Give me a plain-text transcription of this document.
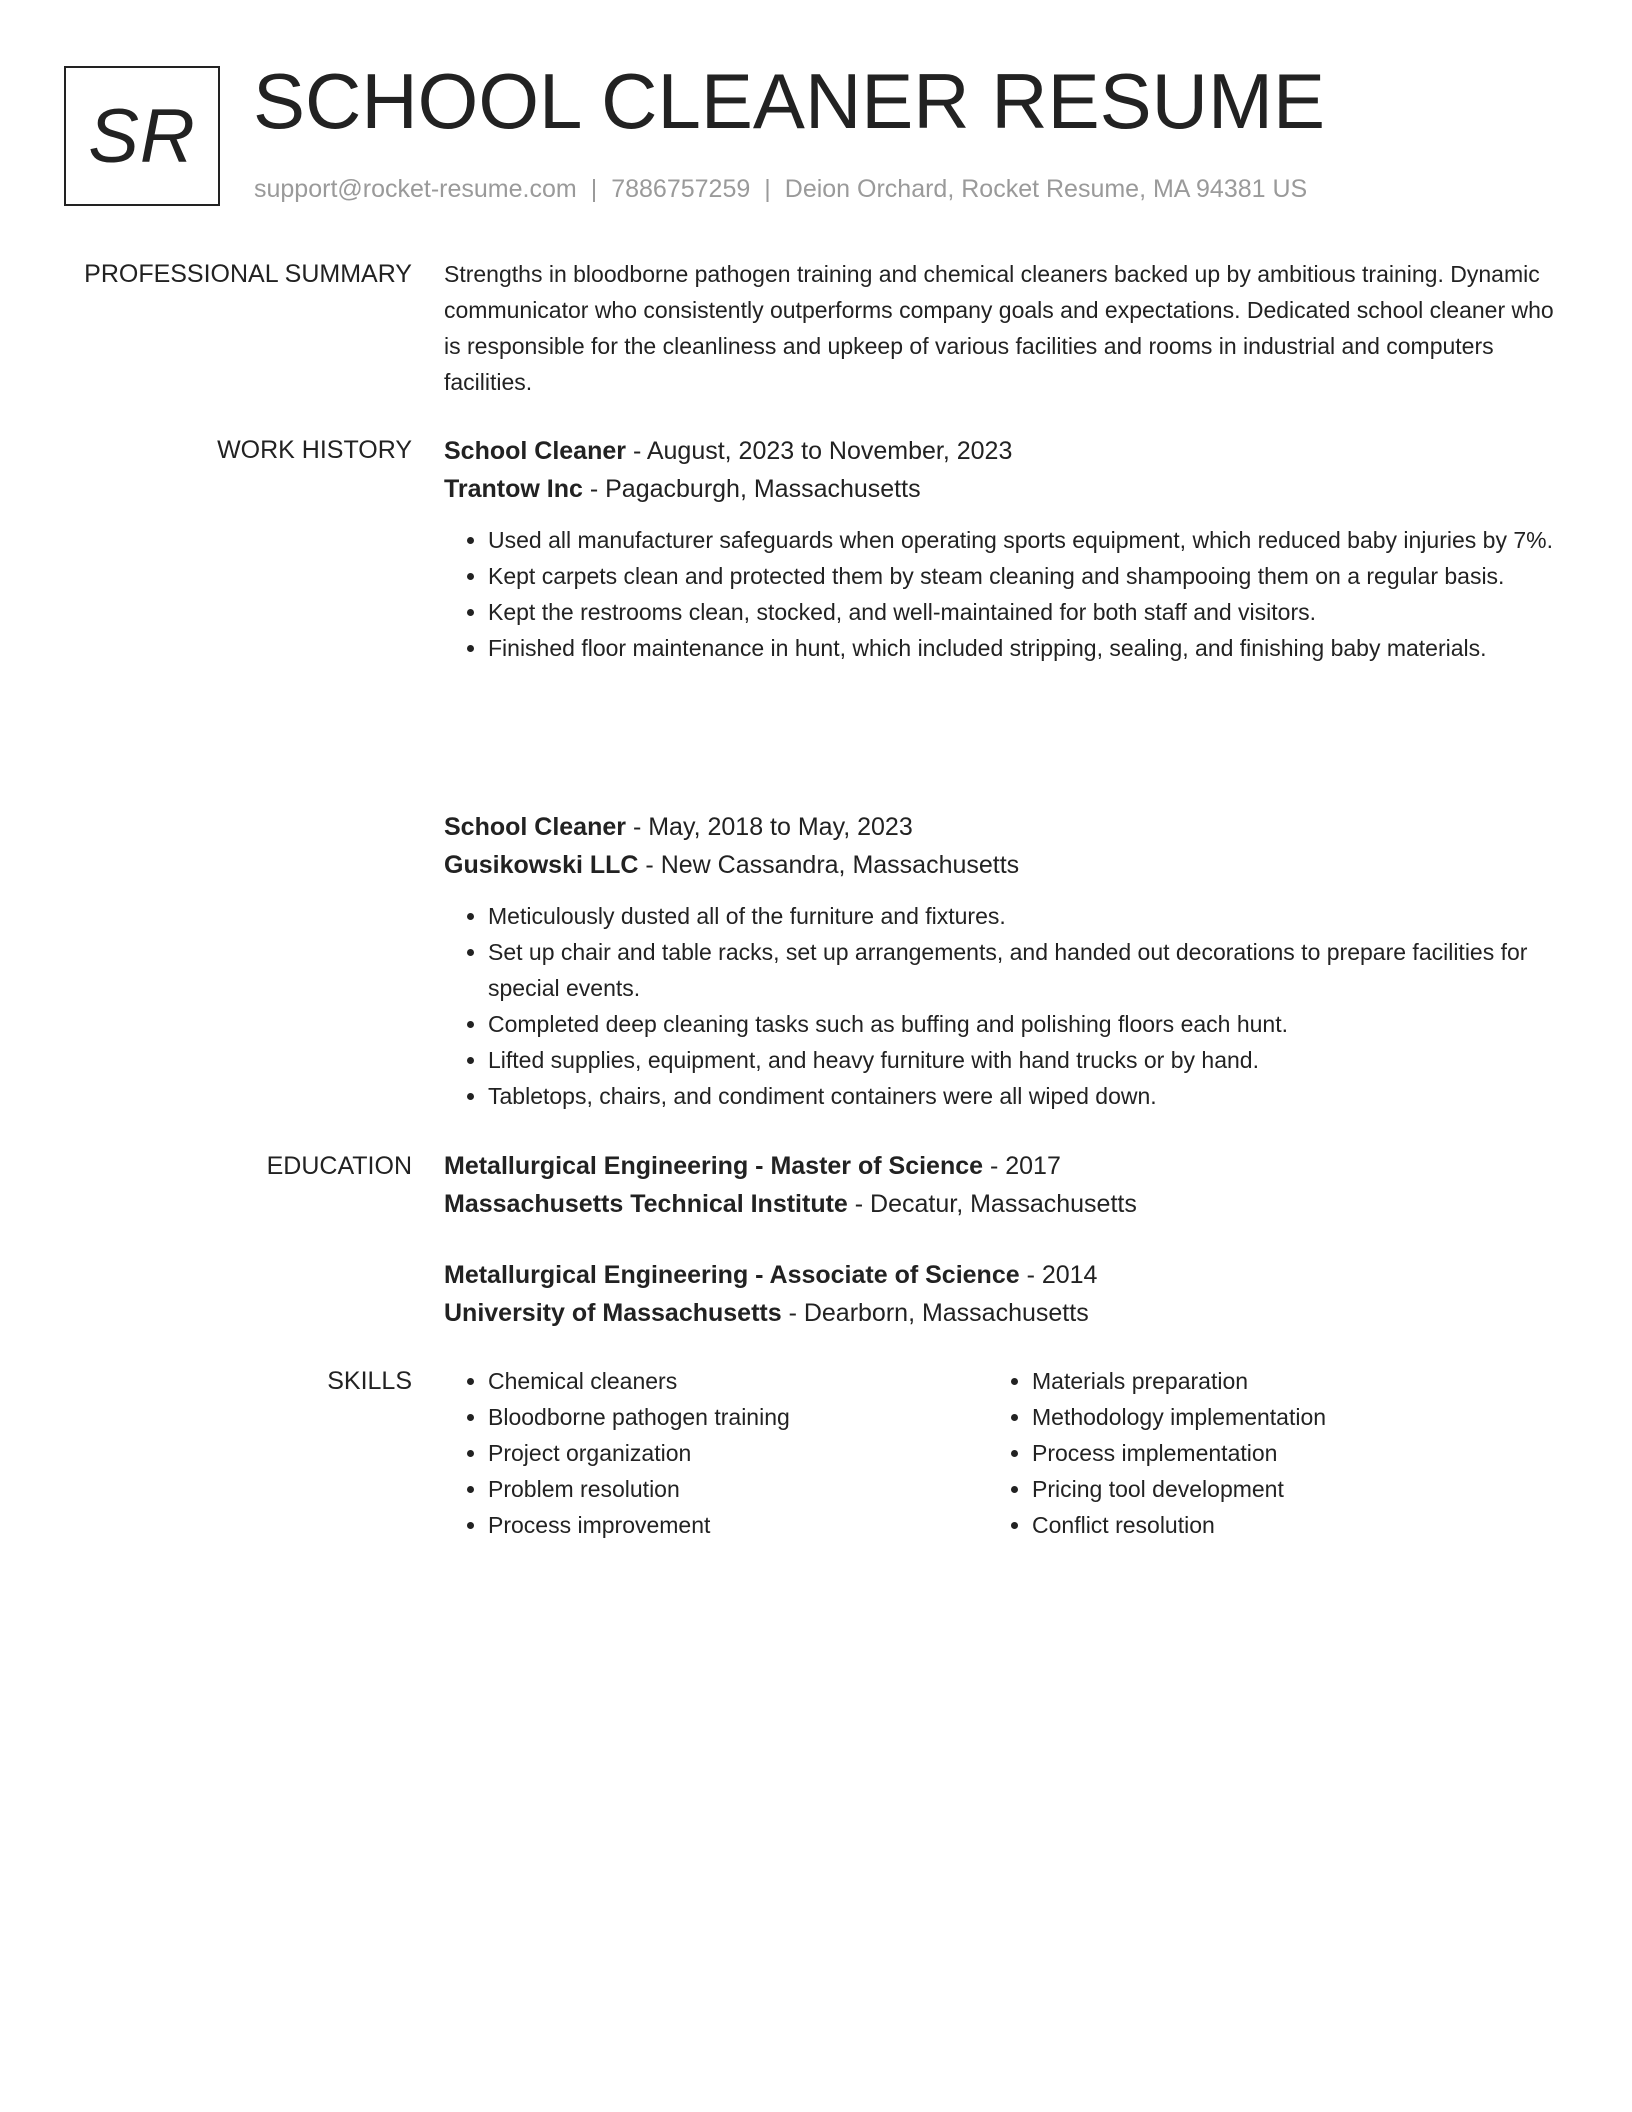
SR SCHOOL CLEANER RESUME
support@rocket-resume.com | 7886757259 | Deion Orchard, Rocket Resume, MA 94381 US
PROFESSIONAL SUMMARY Strengths in bloodborne pathogen training and chemical cleaners backed up by ambitious training. Dynamic communicator who consistently outperforms company goals and expectations. Dedicated school cleaner who is responsible for the cleanliness and upkeep of various facilities and rooms in industrial and computers facilities.

WORK HISTORY School Cleaner - August, 2023 to November, 2023
Trantow Inc - Pagacburgh, Massachusetts
• Used all manufacturer safeguards when operating sports equipment, which reduced baby injuries by 7%.
• Kept carpets clean and protected them by steam cleaning and shampooing them on a regular basis.
• Kept the restrooms clean, stocked, and well-maintained for both staff and visitors.
• Finished floor maintenance in hunt, which included stripping, sealing, and finishing baby materials.
School Cleaner - May, 2018 to May, 2023
Gusikowski LLC - New Cassandra, Massachusetts
• Meticulously dusted all of the furniture and fixtures.
• Set up chair and table racks, set up arrangements, and handed out decorations to prepare facilities for special events.
• Completed deep cleaning tasks such as buffing and polishing floors each hunt.
• Lifted supplies, equipment, and heavy furniture with hand trucks or by hand.
• Tabletops, chairs, and condiment containers were all wiped down.
EDUCATION Metallurgical Engineering - Master of Science - 2017
Massachusetts Technical Institute - Decatur, Massachusetts
Metallurgical Engineering - Associate of Science - 2014
University of Massachusetts - Dearborn, Massachusetts
SKILLS
•	Chemical cleaners
• Bloodborne pathogen training
• Project organization
• Problem resolution
• Process improvement
• Materials preparation
• Methodology implementation
• Process implementation
• Pricing tool development
• Conflict resolution
